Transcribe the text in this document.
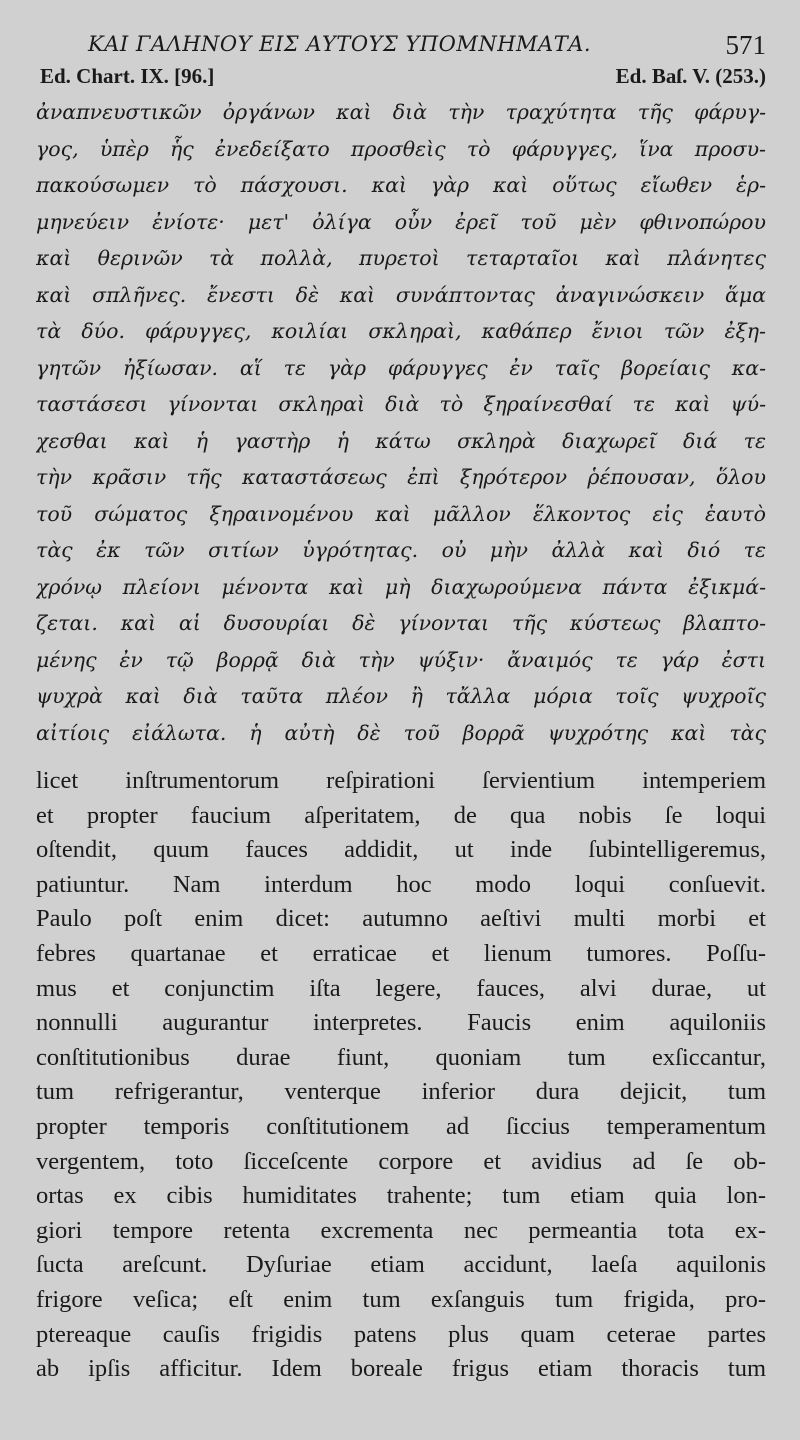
ΚΑΙ ΓΑΛΗΝΟΥ ΕΙΣ ΑΥΤΟΥΣ ΥΠΟΜΝΗΜΑΤΑ.	571
Ed. Chart. IX. [96.]	Ed. Baſ. V. (253.)
ἀναπνευστικῶν ὀργάνων καὶ διὰ τὴν τραχύτητα τῆς φάρυγ-
γος, ὑπὲρ ἧς ἐνεδείξατο προσθεὶς τὸ φάρυγγες, ἵνα προσυ-
πακούσωμεν τὸ πάσχουσι. καὶ γὰρ καὶ οὕτως εἴωθεν ἑρ-
μηνεύειν ἐνίοτε· μετ' ὀλίγα οὖν ἐρεῖ τοῦ μὲν φθινοπώρου
καὶ θερινῶν τὰ πολλὰ, πυρετοὶ τεταρταῖοι καὶ πλάνητες
καὶ σπλῆνες. ἔνεστι δὲ καὶ συνάπτοντας ἀναγινώσκειν ἅμα
τὰ δύο. φάρυγγες, κοιλίαι σκληραὶ, καθάπερ ἔνιοι τῶν ἐξη-
γητῶν ἠξίωσαν. αἵ τε γὰρ φάρυγγες ἐν ταῖς βορείαις κα-
ταστάσεσι γίνονται σκληραὶ διὰ τὸ ξηραίνεσθαί τε καὶ ψύ-
χεσθαι καὶ ἡ γαστὴρ ἡ κάτω σκληρὰ διαχωρεῖ διά τε
τὴν κρᾶσιν τῆς καταστάσεως ἐπὶ ξηρότερον ῥέπουσαν, ὅλου
τοῦ σώματος ξηραινομένου καὶ μᾶλλον ἕλκοντος εἰς ἑαυτὸ
τὰς ἐκ τῶν σιτίων ὑγρότητας. οὐ μὴν ἀλλὰ καὶ διό τε
χρόνῳ πλείονι μένοντα καὶ μὴ διαχωρούμενα πάντα ἐξικμά-
ζεται. καὶ αἱ δυσουρίαι δὲ γίνονται τῆς κύστεως βλαπτο-
μένης ἐν τῷ βορρᾷ διὰ τὴν ψύξιν· ἄναιμός τε γάρ ἐστι
ψυχρὰ καὶ διὰ ταῦτα πλέον ἢ τἄλλα μόρια τοῖς ψυχροῖς
αἰτίοις εἰάλωτα. ἡ αὐτὴ δὲ τοῦ βορρᾶ ψυχρότης καὶ τὰς
licet inſtrumentorum reſpirationi ſervientium intemperiem
et propter faucium aſperitatem, de qua nobis ſe loqui
oſtendit, quum fauces addidit, ut inde ſubintelligeremus,
patiuntur. Nam interdum hoc modo loqui conſuevit.
Paulo poſt enim dicet: autumno aeſtivi multi morbi et
febres quartanae et erraticae et lienum tumores. Poſſu-
mus et conjunctim iſta legere, fauces, alvi durae, ut
nonnulli augurantur interpretes. Faucis enim aquiloniis
conſtitutionibus durae fiunt, quoniam tum exſiccantur,
tum refrigerantur, venterque inferior dura dejicit, tum
propter temporis conſtitutionem ad ſiccius temperamentum
vergentem, toto ſicceſcente corpore et avidius ad ſe ob-
ortas ex cibis humiditates trahente; tum etiam quia lon-
giori tempore retenta excrementa nec permeantia tota ex-
ſucta areſcunt. Dyſuriae etiam accidunt, laeſa aquilonis
frigore veſica; eſt enim tum exſanguis tum frigida, pro-
ptereaque cauſis frigidis patens plus quam ceterae partes
ab ipſis afficitur. Idem boreale frigus etiam thoracis tum
